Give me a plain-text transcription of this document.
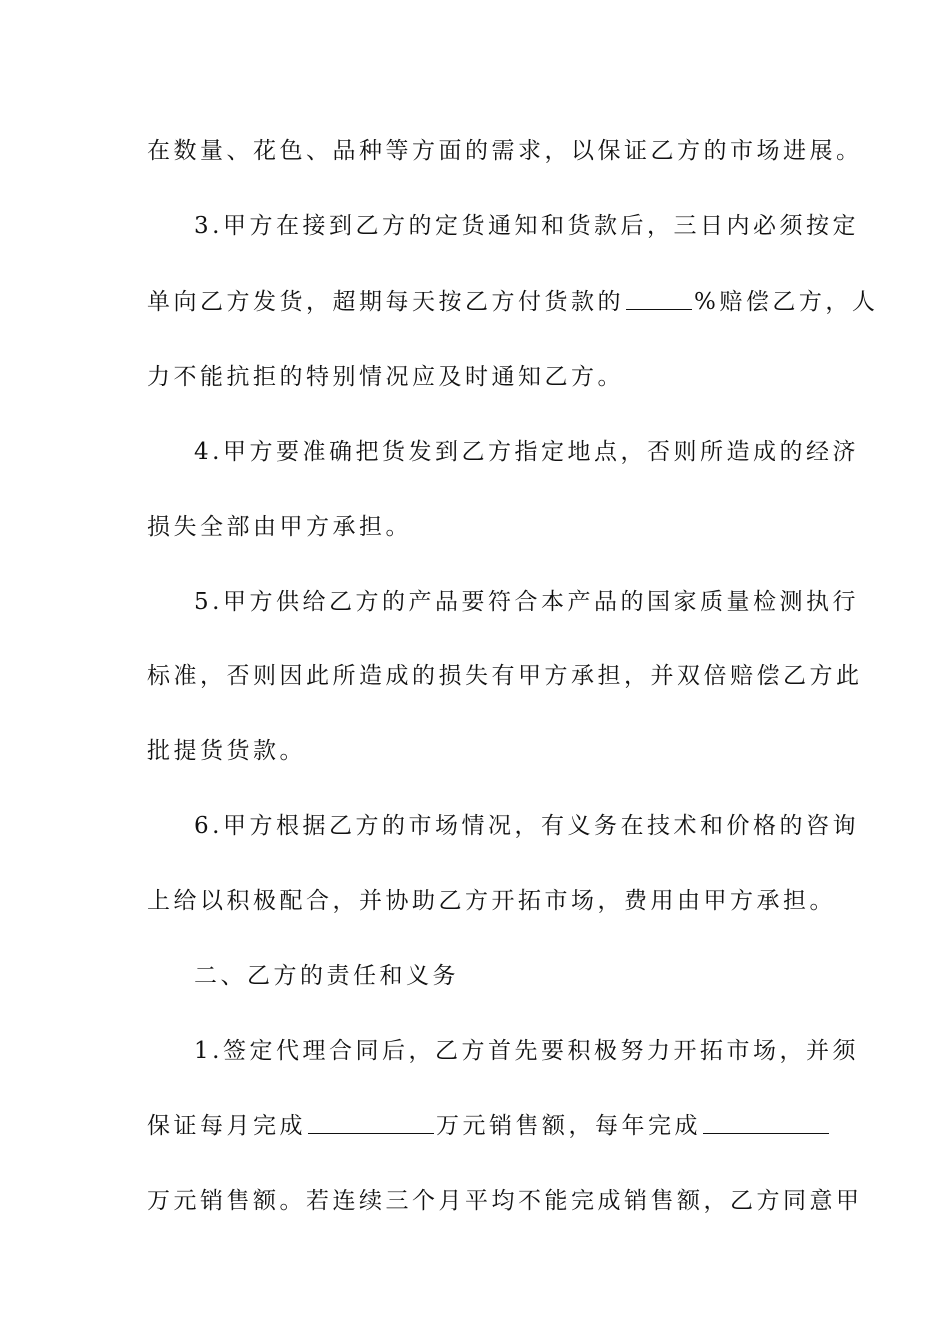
在数量、花色、品种等方面的需求，以保证乙方的市场进展。
3.甲方在接到乙方的定货通知和货款后，三日内必须按定
单向乙方发货，超期每天按乙方付货款的	%赔偿乙方，人
力不能抗拒的特别情况应及时通知乙方。
4.甲方要准确把货发到乙方指定地点，否则所造成的经济
损失全部由甲方承担。
5.甲方供给乙方的产品要符合本产品的国家质量检测执行
标准，否则因此所造成的损失有甲方承担，并双倍赔偿乙方此
批提货货款。
6.甲方根据乙方的市场情况，有义务在技术和价格的咨询
上给以积极配合，并协助乙方开拓市场，费用由甲方承担。
二、乙方的责任和义务
1.签定代理合同后，乙方首先要积极努力开拓市场，并须
保证每月完成	万元销售额，每年完成
万元销售额。若连续三个月平均不能完成销售额，乙方同意甲
